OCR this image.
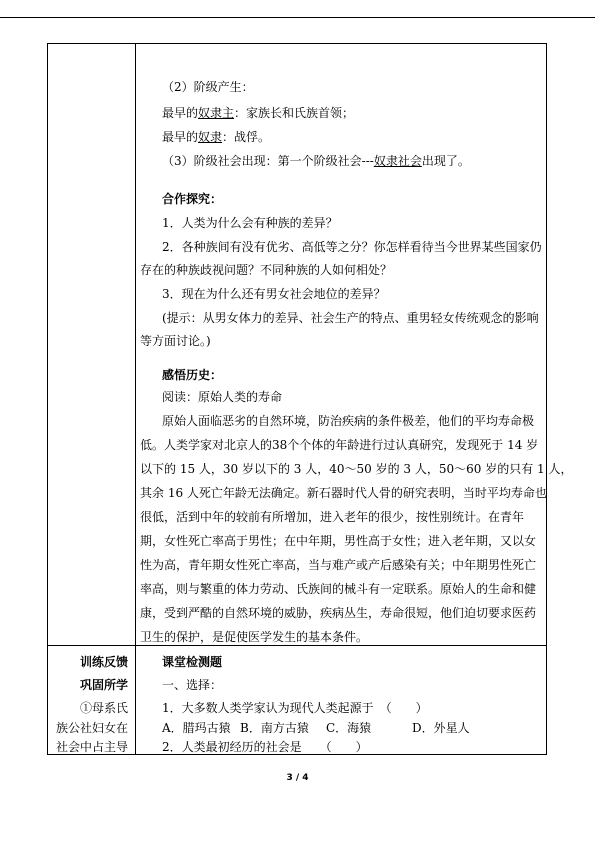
（2）阶级产生：
最早的奴隶主：家族长和氏族首领；
最早的奴隶：战俘。
（3）阶级社会出现：第一个阶级社会---奴隶社会出现了。
合作探究：
1．人类为什么会有种族的差异？
2．各种族间有没有优劣、高低等之分？你怎样看待当今世界某些国家仍
存在的种族歧视问题？不同种族的人如何相处？
3．现在为什么还有男女社会地位的差异？
(提示：从男女体力的差异、社会生产的特点、重男轻女传统观念的影响
等方面讨论。)
感悟历史：
阅读：原始人类的寿命
原始人面临恶劣的自然环境，防治疾病的条件极差，他们的平均寿命极
低。人类学家对北京人的38个个体的年龄进行过认真研究，发现死于 14 岁
以下的 15 人，30 岁以下的 3 人，40～50 岁的 3 人，50～60 岁的只有 1 人，
其余 16 人死亡年龄无法确定。新石器时代人骨的研究表明，当时平均寿命也
很低，活到中年的较前有所增加，进入老年的很少，按性别统计。在青年
期，女性死亡率高于男性；在中年期，男性高于女性；进入老年期，又以女
性为高，青年期女性死亡率高，当与难产或产后感染有关；中年期男性死亡
率高，则与繁重的体力劳动、氏族间的械斗有一定联系。原始人的生命和健
康，受到严酷的自然环境的威胁，疾病丛生，寿命很短，他们迫切要求医药
卫生的保护，是促使医学发生的基本条件。
课堂检测题
一、选择：
1．大多数人类学家认为现代人类起源于　（　　）
A．腊玛古猿 B．南方古猿 C．海猿	D．外星人
2．人类最初经历的社会是　　（　　）
训练反馈
巩固所学
①母系氏
族公社妇女在
社会中占主导
3 / 4
